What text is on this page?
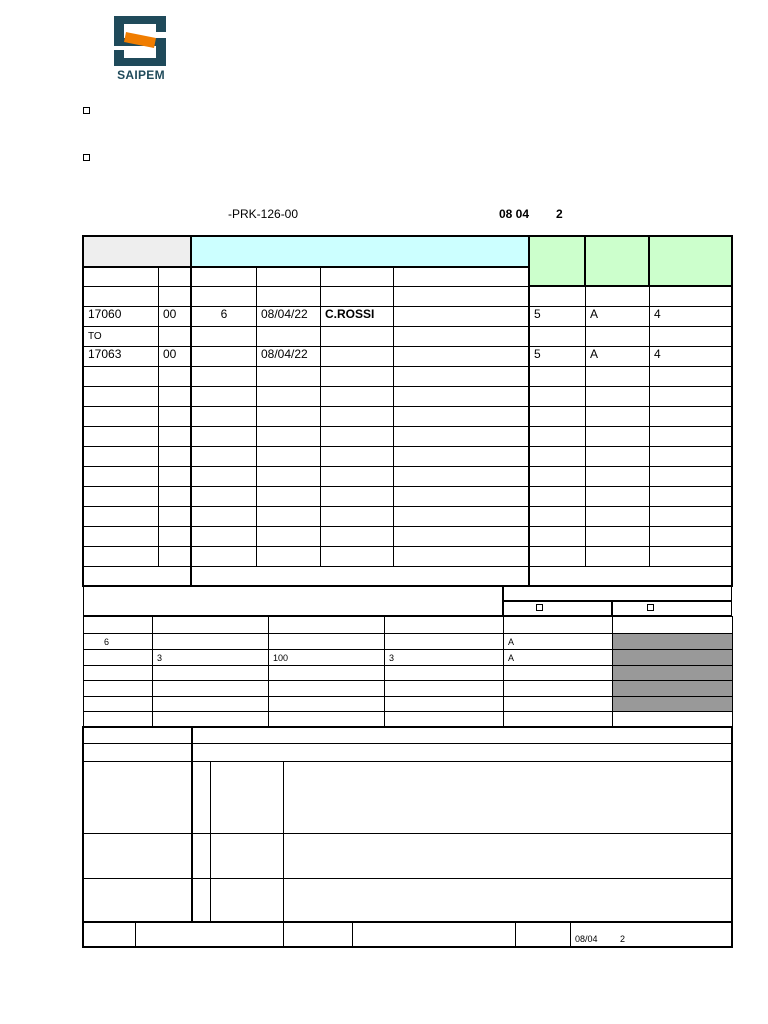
SAIPEM
-PRK-126-00	08 04 2

17060	00	6	08/04/22	C.ROSSI		5	A	4
TO								
17063	00		08/04/22			5	A	4

6				A	
	3	100	3	A	

					08/04	2
